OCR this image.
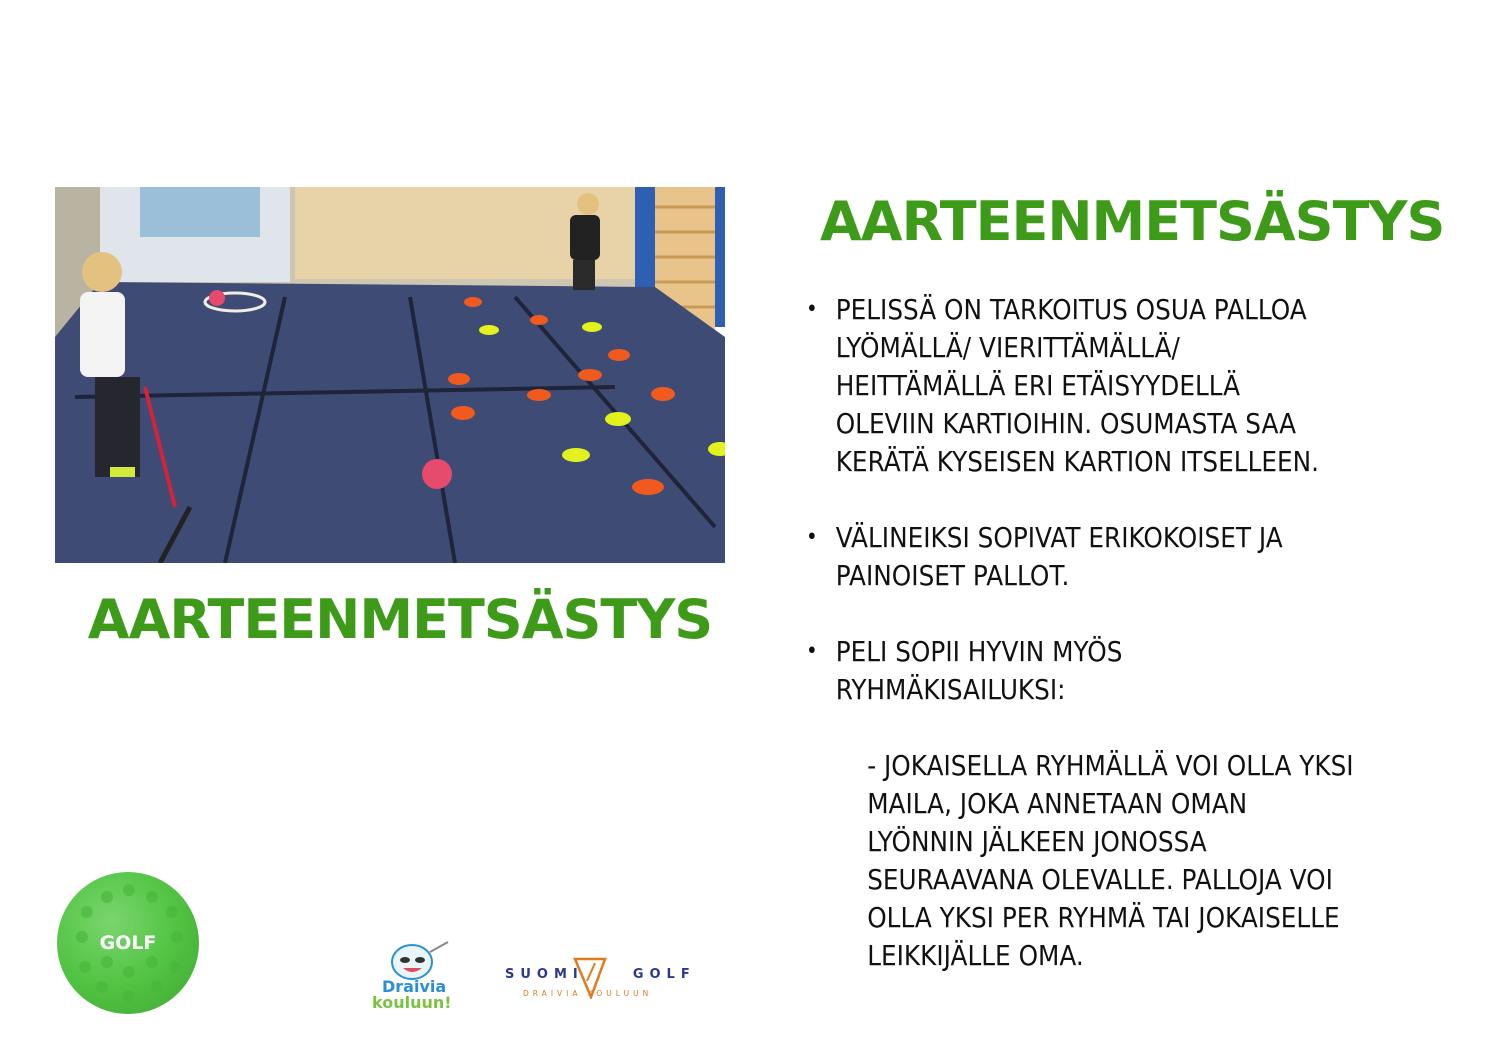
AARTEENMETSÄSTYS
AARTEENMETSÄSTYS
• PELISSÄ ON TARKOITUS OSUA PALLOA
LYÖMÄLLÄ/ VIERITTÄMÄLLÄ/
HEITTÄMÄLLÄ ERI ETÄISYYDELLÄ
OLEVIIN KARTIOIHIN. OSUMASTA SAA
KERÄTÄ KYSEISEN KARTION ITSELLEEN.
• VÄLINEIKSI SOPIVAT ERIKOKOISET JA
PAINOISET PALLOT.
• PELI SOPII HYVIN MYÖS
RYHMÄKISAILUKSI:
- JOKAISELLA RYHMÄLLÄ VOI OLLA YKSI
MAILA, JOKA ANNETAAN OMAN
LYÖNNIN JÄLKEEN JONOSSA
SEURAAVANA OLEVALLE. PALLOJA VOI
OLLA YKSI PER RYHMÄ TAI JOKAISELLE
LEIKKIJÄLLE OMA.
GOLF
Draivia
kouluun!
SUOMI	GOLF
DRAIVIA KOULUUN
